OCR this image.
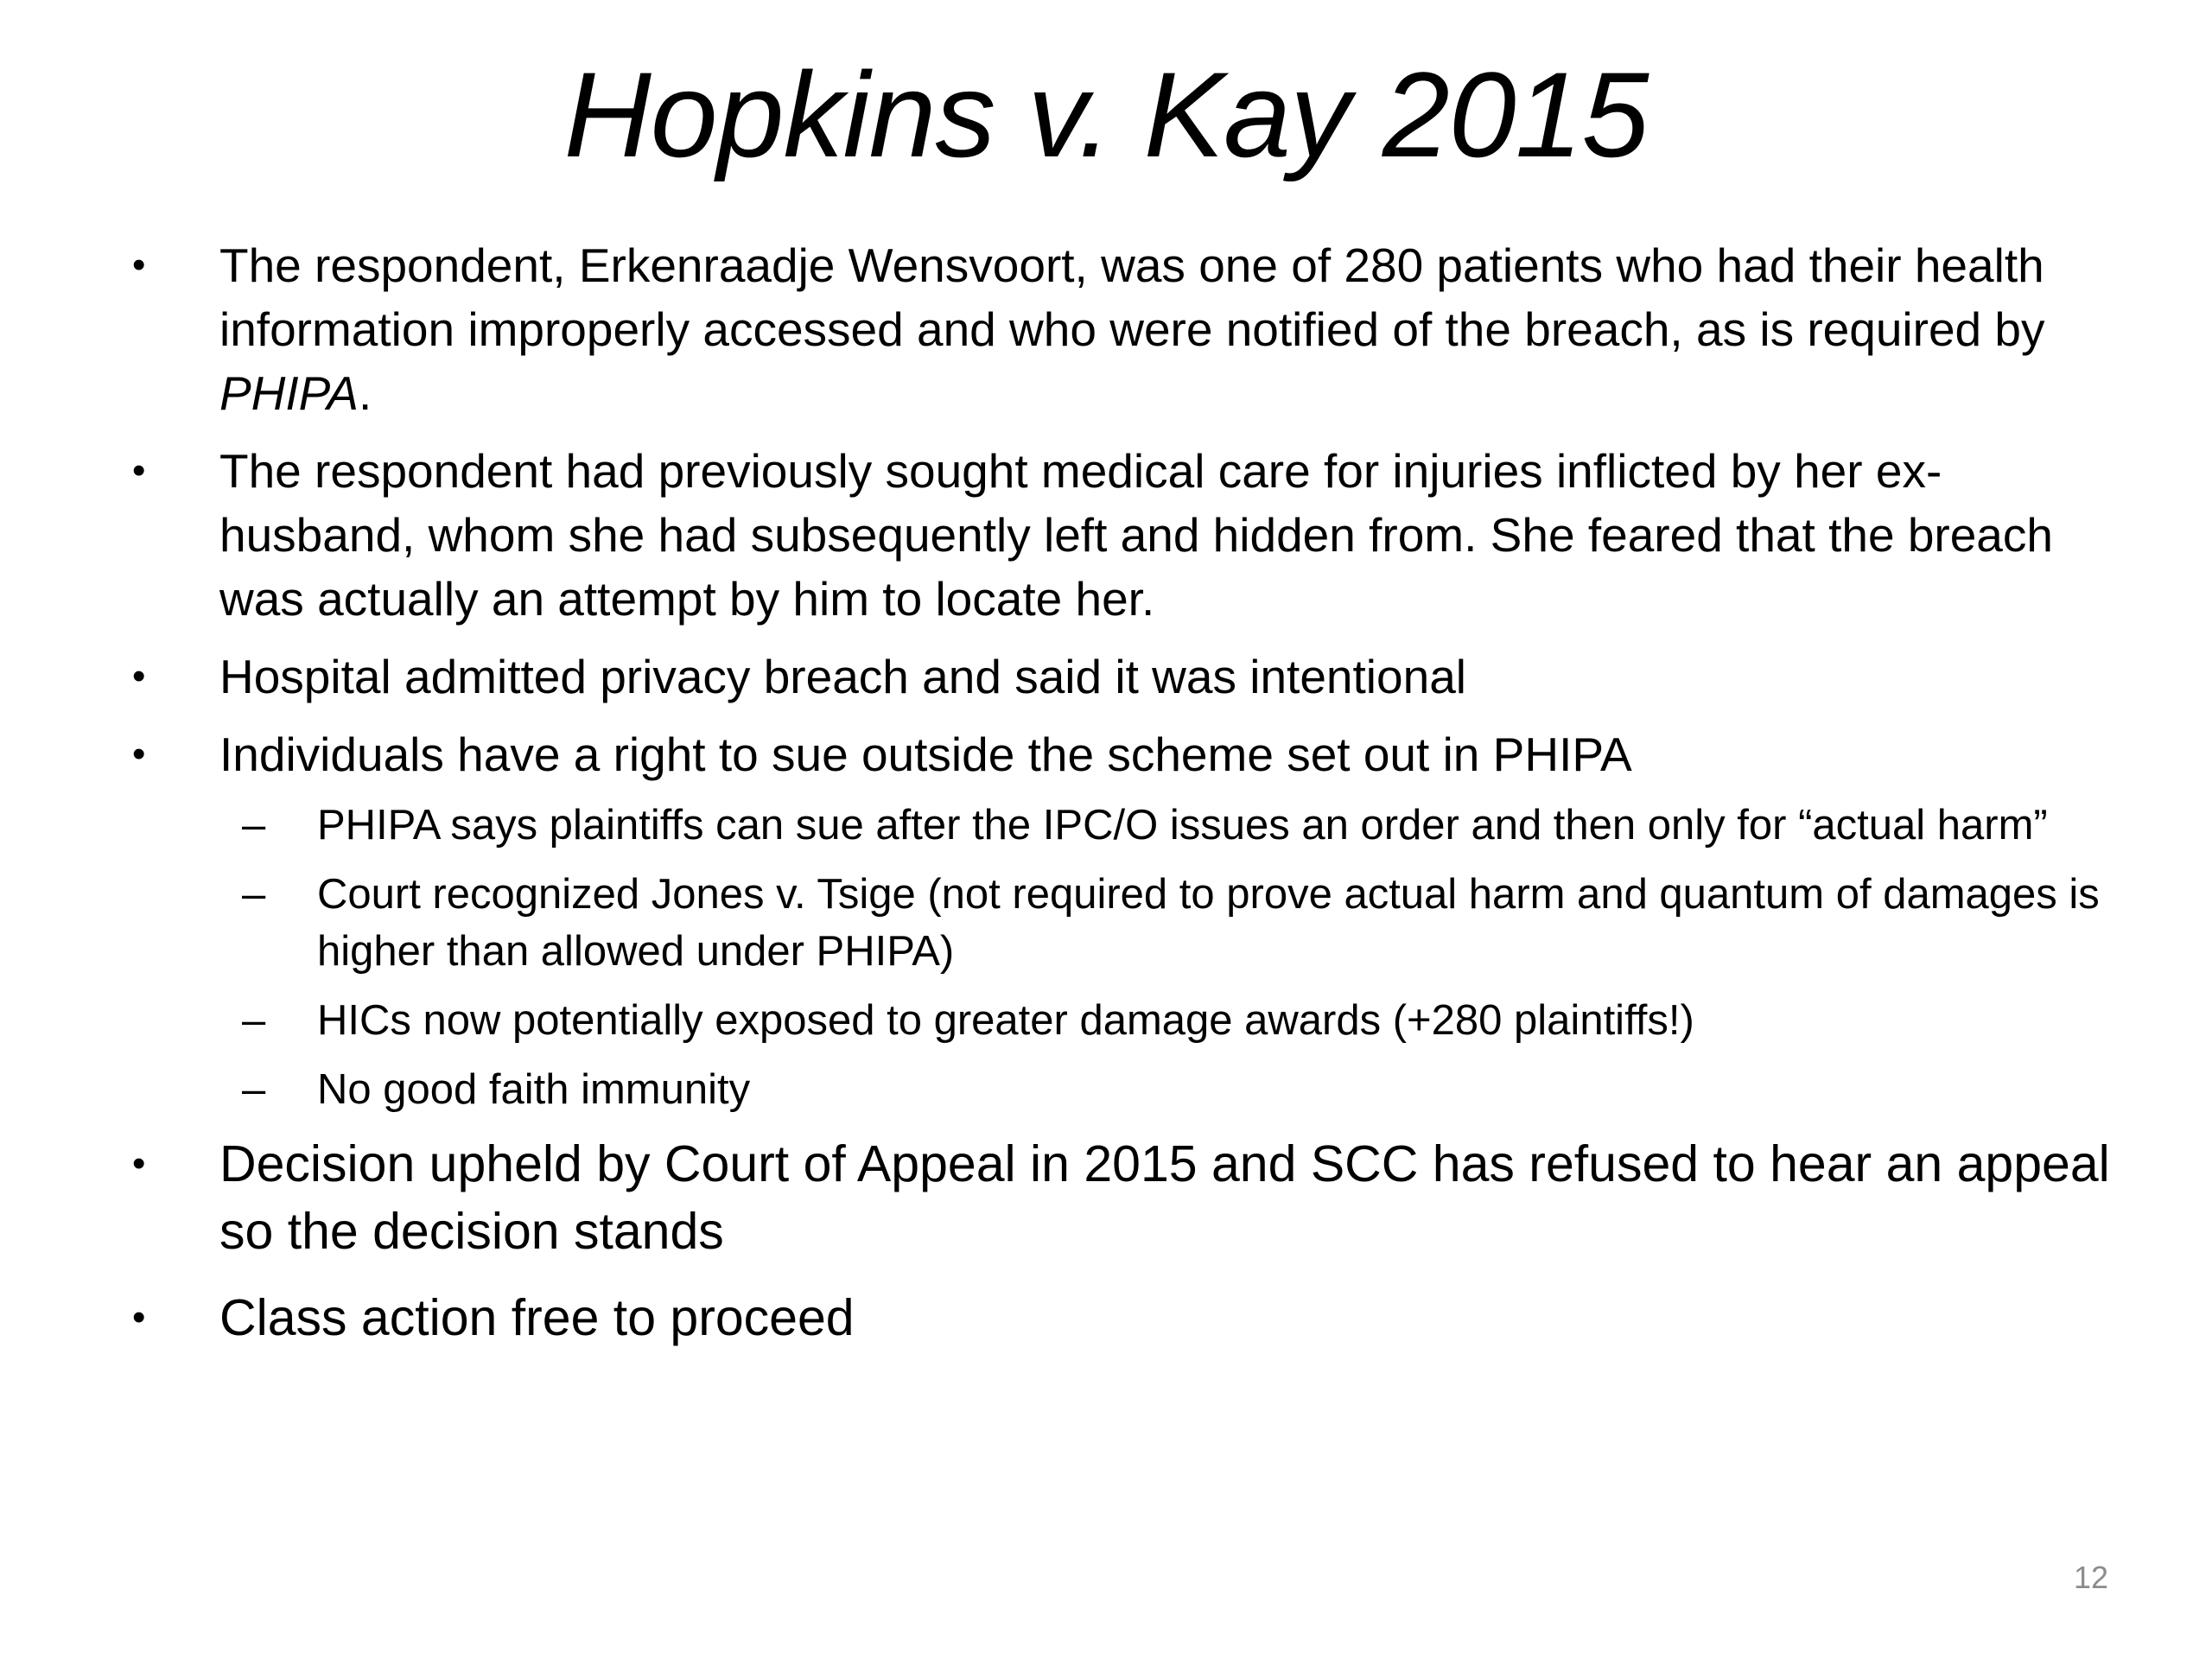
Hopkins v. Kay 2015
•	The respondent, Erkenraadje Wensvoort, was one of 280 patients who had their health information improperly accessed and who were notified of the breach, as is required by PHIPA.
•	The respondent had previously sought medical care for injuries inflicted by her ex-husband, whom she had subsequently left and hidden from. She feared that the breach was actually an attempt by him to locate her.
•	Hospital admitted privacy breach and said it was intentional
•	Individuals have a right to sue outside the scheme set out in PHIPA
– PHIPA says plaintiffs can sue after the IPC/O issues an order and then only for “actual harm”
– Court recognized Jones v. Tsige (not required to prove actual harm and quantum of damages is higher than allowed under PHIPA)
– HICs now potentially exposed to greater damage awards (+280 plaintiffs!)
– No good faith immunity
•	Decision upheld by Court of Appeal in 2015 and SCC has refused to hear an appeal so the decision stands
•	Class action free to proceed
12
